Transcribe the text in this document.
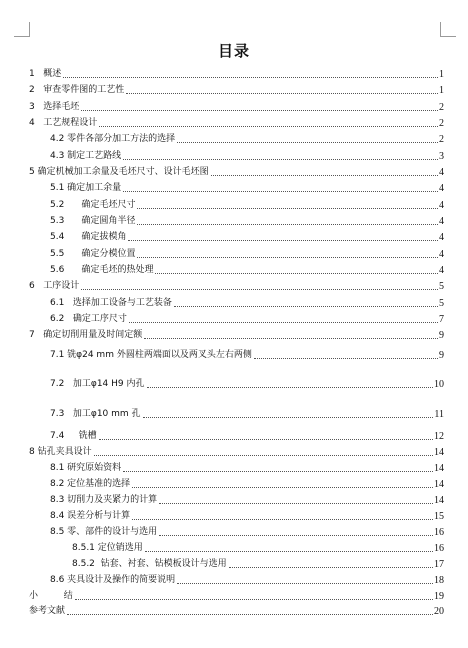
目录
1   概述	1
2   审查零件图的工艺性	1
3   选择毛坯	2
4   工艺规程设计	2
4.2 零件各部分加工方法的选择	2
4.3 制定工艺路线	3
5 确定机械加工余量及毛坯尺寸、设计毛坯图	4
5.1 确定加工余量	4
5.2      确定毛坯尺寸	4
5.3      确定圆角半径	4
5.4      确定拔模角	4
5.5      确定分模位置	4
5.6      确定毛坯的热处理	4
6   工序设计	5
6.1   选择加工设备与工艺装备	5
6.2   确定工序尺寸	7
7   确定切削用量及时间定额	9
7.1 铣φ24 mm 外圆柱两端面以及两叉头左右两侧	9
7.2   加工φ14 H9 内孔	10
7.3   加工φ10 mm 孔	11
7.4     铣槽	12
8 钻孔夹具设计	14
8.1 研究原始资料	14
8.2 定位基准的选择	14
8.3 切削力及夹紧力的计算	14
8.4 误差分析与计算	15
8.5 零、部件的设计与选用	16
8.5.1 定位销选用	16
8.5.2  钻套、衬套、钻模板设计与选用	17
8.6 夹具设计及操作的简要说明	18
小         结	19
参考文献	20
